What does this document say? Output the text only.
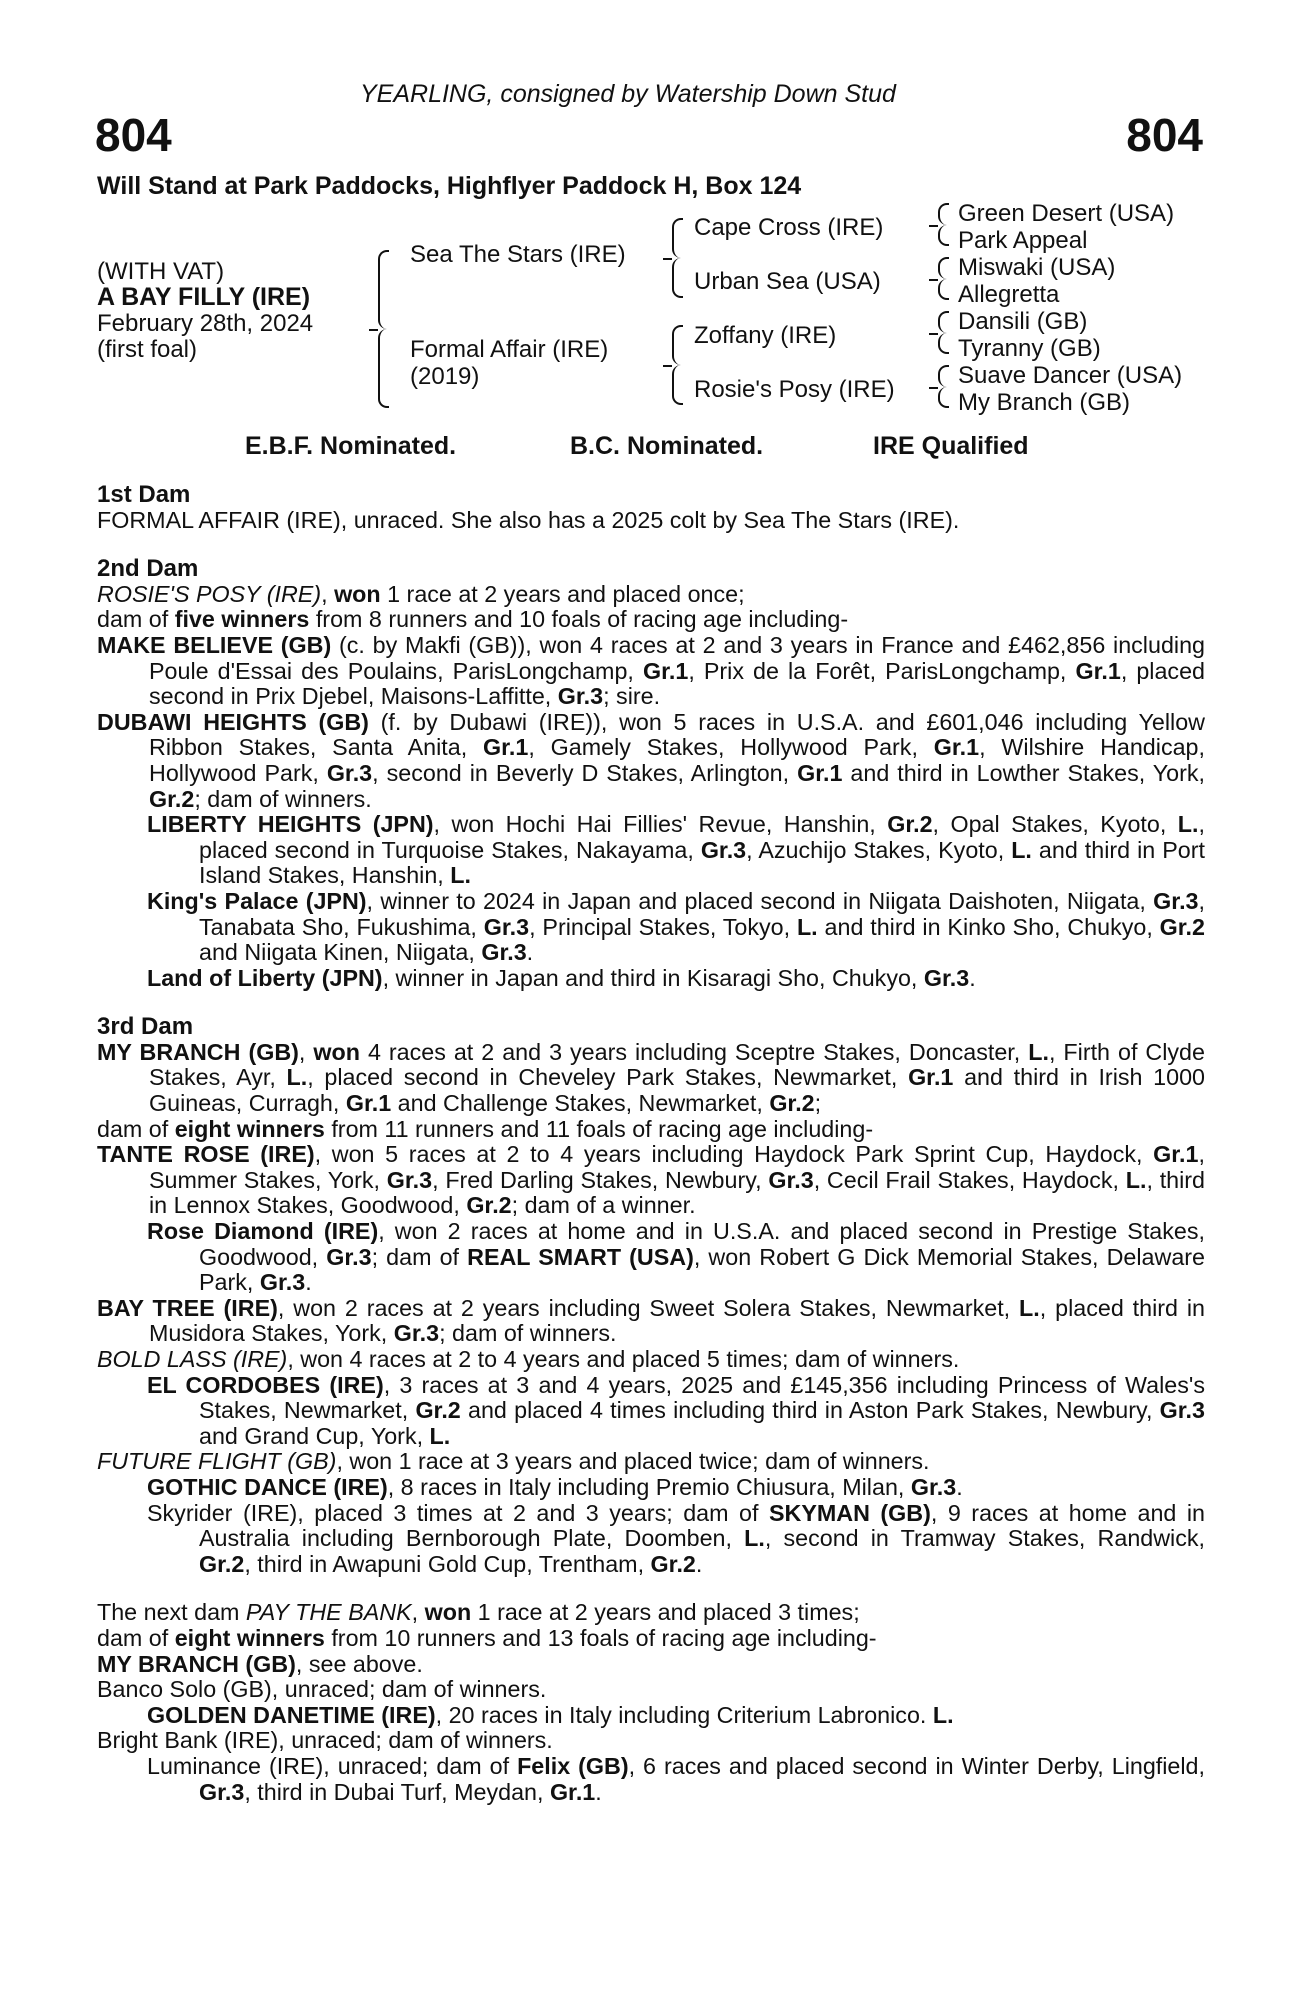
YEARLING, consigned by Watership Down Stud
804	804
Will Stand at Park Paddocks, Highflyer Paddock H, Box 124
(WITH VAT)
A BAY FILLY (IRE)
February 28th, 2024
(first foal)
Sea The Stars (IRE)
Formal Affair (IRE)
(2019)
Cape Cross (IRE)
Urban Sea (USA)
Zoffany (IRE)
Rosie's Posy (IRE)
Green Desert (USA)
Park Appeal
Miswaki (USA)
Allegretta
Dansili (GB)
Tyranny (GB)
Suave Dancer (USA)
My Branch (GB)
E.B.F. Nominated.	B.C. Nominated.	IRE Qualified
1st Dam
FORMAL AFFAIR (IRE), unraced. She also has a 2025 colt by Sea The Stars (IRE).
2nd Dam
ROSIE'S POSY (IRE), won 1 race at 2 years and placed once;
dam of five winners from 8 runners and 10 foals of racing age including-
MAKE BELIEVE (GB) (c. by Makfi (GB)), won 4 races at 2 and 3 years in France and £462,856 including Poule d'Essai des Poulains, ParisLongchamp, Gr.1, Prix de la Forêt, ParisLongchamp, Gr.1, placed second in Prix Djebel, Maisons-Laffitte, Gr.3; sire.
DUBAWI HEIGHTS (GB) (f. by Dubawi (IRE)), won 5 races in U.S.A. and £601,046 including Yellow Ribbon Stakes, Santa Anita, Gr.1, Gamely Stakes, Hollywood Park, Gr.1, Wilshire Handicap, Hollywood Park, Gr.3, second in Beverly D Stakes, Arlington, Gr.1 and third in Lowther Stakes, York, Gr.2; dam of winners.
LIBERTY HEIGHTS (JPN), won Hochi Hai Fillies' Revue, Hanshin, Gr.2, Opal Stakes, Kyoto, L., placed second in Turquoise Stakes, Nakayama, Gr.3, Azuchijo Stakes, Kyoto, L. and third in Port Island Stakes, Hanshin, L.
King's Palace (JPN), winner to 2024 in Japan and placed second in Niigata Daishoten, Niigata, Gr.3, Tanabata Sho, Fukushima, Gr.3, Principal Stakes, Tokyo, L. and third in Kinko Sho, Chukyo, Gr.2 and Niigata Kinen, Niigata, Gr.3.
Land of Liberty (JPN), winner in Japan and third in Kisaragi Sho, Chukyo, Gr.3.
3rd Dam
MY BRANCH (GB), won 4 races at 2 and 3 years including Sceptre Stakes, Doncaster, L., Firth of Clyde Stakes, Ayr, L., placed second in Cheveley Park Stakes, Newmarket, Gr.1 and third in Irish 1000 Guineas, Curragh, Gr.1 and Challenge Stakes, Newmarket, Gr.2;
dam of eight winners from 11 runners and 11 foals of racing age including-
TANTE ROSE (IRE), won 5 races at 2 to 4 years including Haydock Park Sprint Cup, Haydock, Gr.1, Summer Stakes, York, Gr.3, Fred Darling Stakes, Newbury, Gr.3, Cecil Frail Stakes, Haydock, L., third in Lennox Stakes, Goodwood, Gr.2; dam of a winner.
Rose Diamond (IRE), won 2 races at home and in U.S.A. and placed second in Prestige Stakes, Goodwood, Gr.3; dam of REAL SMART (USA), won Robert G Dick Memorial Stakes, Delaware Park, Gr.3.
BAY TREE (IRE), won 2 races at 2 years including Sweet Solera Stakes, Newmarket, L., placed third in Musidora Stakes, York, Gr.3; dam of winners.
BOLD LASS (IRE), won 4 races at 2 to 4 years and placed 5 times; dam of winners.
EL CORDOBES (IRE), 3 races at 3 and 4 years, 2025 and £145,356 including Princess of Wales's Stakes, Newmarket, Gr.2 and placed 4 times including third in Aston Park Stakes, Newbury, Gr.3 and Grand Cup, York, L.
FUTURE FLIGHT (GB), won 1 race at 3 years and placed twice; dam of winners.
GOTHIC DANCE (IRE), 8 races in Italy including Premio Chiusura, Milan, Gr.3.
Skyrider (IRE), placed 3 times at 2 and 3 years; dam of SKYMAN (GB), 9 races at home and in Australia including Bernborough Plate, Doomben, L., second in Tramway Stakes, Randwick, Gr.2, third in Awapuni Gold Cup, Trentham, Gr.2.
The next dam PAY THE BANK, won 1 race at 2 years and placed 3 times;
dam of eight winners from 10 runners and 13 foals of racing age including-
MY BRANCH (GB), see above.
Banco Solo (GB), unraced; dam of winners.
GOLDEN DANETIME (IRE), 20 races in Italy including Criterium Labronico. L.
Bright Bank (IRE), unraced; dam of winners.
Luminance (IRE), unraced; dam of Felix (GB), 6 races and placed second in Winter Derby, Lingfield, Gr.3, third in Dubai Turf, Meydan, Gr.1.
